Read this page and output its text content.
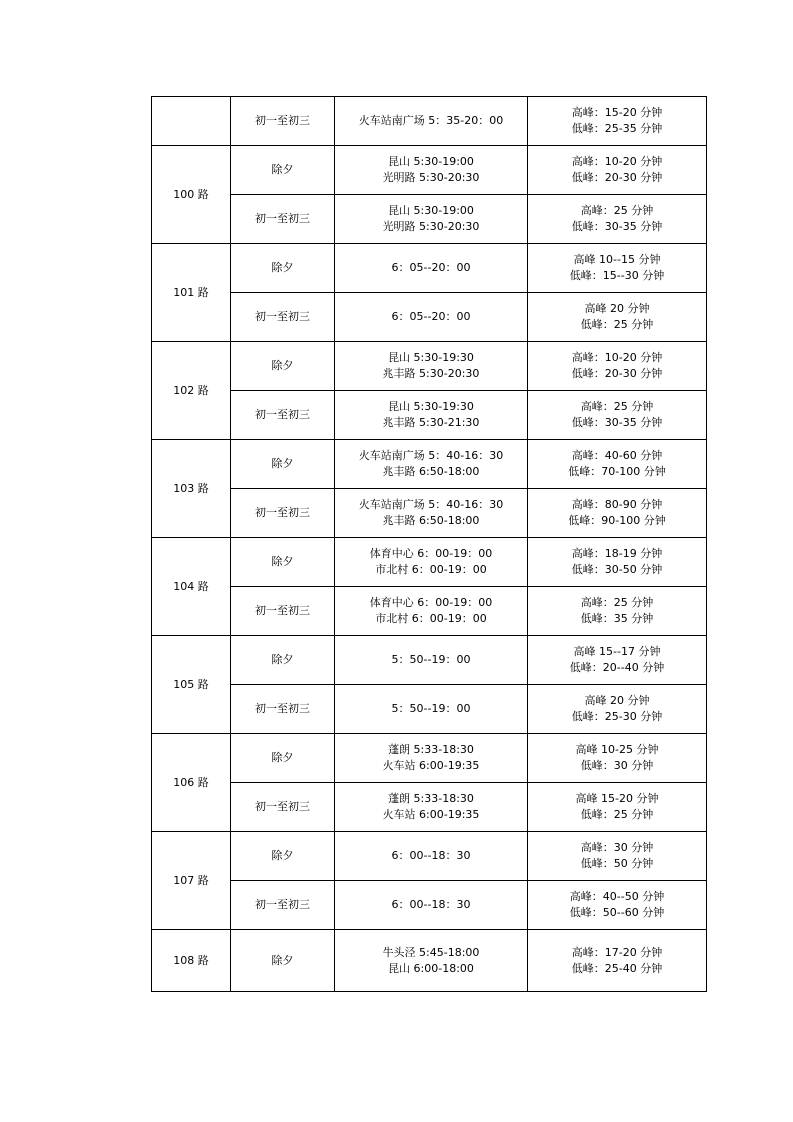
	初一至初三	火车站南广场 5：35-20：00	高峰：15-20 分钟
低峰：25-35 分钟

100 路	除夕	昆山 5:30-19:00
光明路 5:30-20:30	高峰：10-20 分钟
低峰：20-30 分钟

	初一至初三	昆山 5:30-19:00
光明路 5:30-20:30	高峰：25 分钟
低峰：30-35 分钟

101 路	除夕	6：05--20：00	高峰 10--15 分钟
低峰：15--30 分钟

	初一至初三	6：05--20：00	高峰 20 分钟
低峰：25 分钟

102 路	除夕	昆山 5:30-19:30
兆丰路 5:30-20:30	高峰：10-20 分钟
低峰：20-30 分钟

	初一至初三	昆山 5:30-19:30
兆丰路 5:30-21:30	高峰：25 分钟
低峰：30-35 分钟

103 路	除夕	火车站南广场 5：40-16：30
兆丰路 6:50-18:00	高峰：40-60 分钟
低峰：70-100 分钟

	初一至初三	火车站南广场 5：40-16：30
兆丰路 6:50-18:00	高峰：80-90 分钟
低峰：90-100 分钟

104 路	除夕	体育中心 6：00-19：00
市北村 6：00-19：00	高峰：18-19 分钟
低峰：30-50 分钟

	初一至初三	体育中心 6：00-19：00
市北村 6：00-19：00	高峰：25 分钟
低峰：35 分钟

105 路	除夕	5：50--19：00	高峰 15--17 分钟
低峰：20--40 分钟

	初一至初三	5：50--19：00	高峰 20 分钟
低峰：25-30 分钟

106 路	除夕	蓬朗 5:33-18:30
火车站 6:00-19:35	高峰 10-25 分钟
低峰：30 分钟

	初一至初三	蓬朗 5:33-18:30
火车站 6:00-19:35	高峰 15-20 分钟
低峰：25 分钟

107 路	除夕	6：00--18：30	高峰：30 分钟
低峰：50 分钟

	初一至初三	6：00--18：30	高峰：40--50 分钟
低峰：50--60 分钟

108 路	除夕	牛头泾 5:45-18:00
昆山 6:00-18:00	高峰：17-20 分钟
低峰：25-40 分钟
